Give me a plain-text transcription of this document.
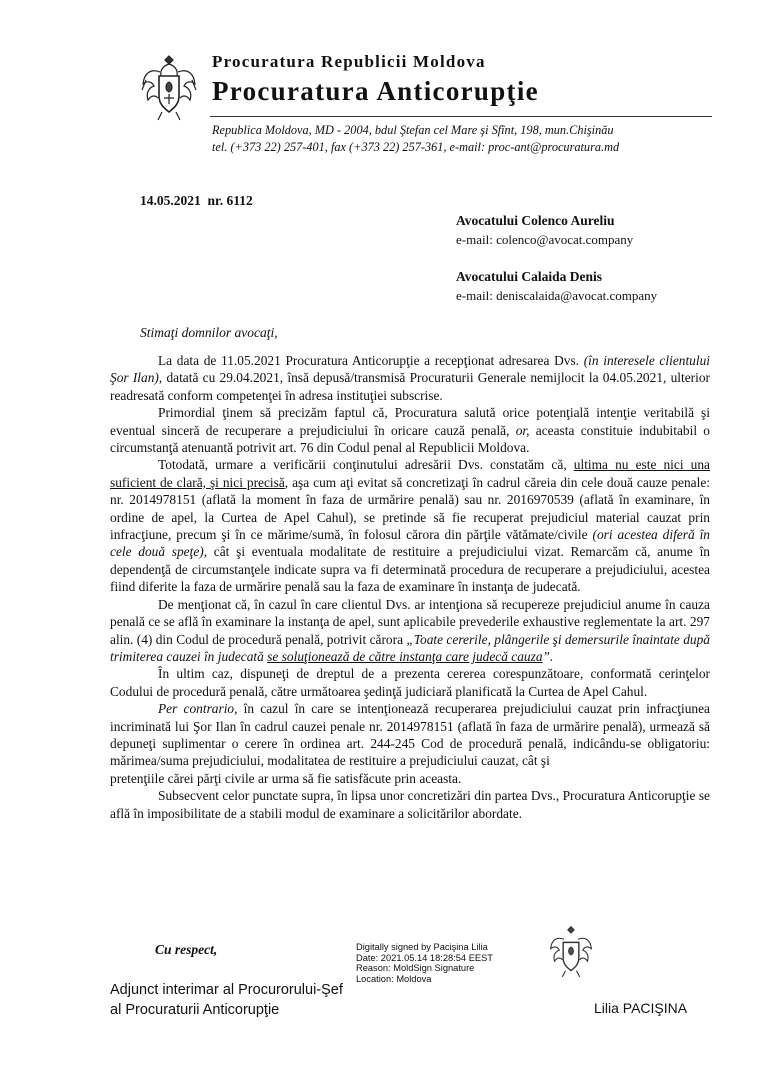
Procuratura Republicii Moldova
Procuratura Anticorupţie
Republica Moldova, MD - 2004, bdul Ştefan cel Mare şi Sfînt, 198, mun.Chişinău
tel. (+373 22) 257-401, fax (+373 22) 257-361, e-mail: proc-ant@procuratura.md
14.05.2021 nr. 6112
Avocatului Colenco Aureliu
e-mail: colenco@avocat.company
Avocatului Calaida Denis
e-mail: deniscalaida@avocat.company
Stimaţi domnilor avocaţi,

La data de 11.05.2021 Procuratura Anticorupţie a recepţionat adresarea Dvs. (în interesele clientului Şor Ilan), datată cu 29.04.2021, însă depusă/transmisă Procuraturii Generale nemijlocit la 04.05.2021, ulterior readresată conform competenţei în adresa instituţiei subscrise.

Primordial ţinem să precizăm faptul că, Procuratura salută orice potenţială intenţie veritabilă şi eventual sinceră de recuperare a prejudiciului în oricare cauză penală, or, aceasta constituie indubitabil o circumstanţă atenuantă potrivit art. 76 din Codul penal al Republicii Moldova.

Totodată, urmare a verificării conţinutului adresării Dvs. constatăm că, ultima nu este nici una suficient de clară, şi nici precisă, aşa cum aţi evitat să concretizaţi în cadrul căreia din cele două cauze penale: nr. 2014978151 (aflată la moment în faza de urmărire penală) sau nr. 2016970539 (aflată în examinare, în ordine de apel, la Curtea de Apel Cahul), se pretinde să fie recuperat prejudiciul material cauzat prin infracţiune, precum şi în ce mărime/sumă, în folosul cărora din părţile vătămate/civile (ori acestea diferă în cele două speţe), cât şi eventuala modalitate de restituire a prejudiciului vizat. Remarcăm că, anume în dependenţă de circumstanţele indicate supra va fi determinată procedura de recuperare a prejudiciului, acestea fiind diferite la faza de urmărire penală sau la faza de examinare în instanţa de judecată.

De menţionat că, în cazul în care clientul Dvs. ar intenţiona să recupereze prejudiciul anume în cauza penală ce se află în examinare la instanţa de apel, sunt aplicabile prevederile exhaustive reglementate la art. 297 alin. (4) din Codul de procedură penală, potrivit cărora „Toate cererile, plângerile şi demersurile înaintate după trimiterea cauzei în judecată se soluţionează de către instanţa care judecă cauza”.

În ultim caz, dispuneţi de dreptul de a prezenta cererea corespunzătoare, conformată cerinţelor Codului de procedură penală, către următoarea şedinţă judiciară planificată la Curtea de Apel Cahul.

Per contrario, în cazul în care se intenţionează recuperarea prejudiciului cauzat prin infracţiunea incriminată lui Şor Ilan în cadrul cauzei penale nr. 2014978151 (aflată în faza de urmărire penală), urmează să depuneţi suplimentar o cerere în ordinea art. 244-245 Cod de procedură penală, indicându-se obligatoriu: mărimea/suma prejudiciului, modalitatea de restituire a prejudiciului cauzat, cât şi

pretenţiile cărei părţi civile ar urma să fie satisfăcute prin aceasta.

Subsecvent celor punctate supra, în lipsa unor concretizări din partea Dvs., Procuratura Anticorupţie se află în imposibilitate de a stabili modul de examinare a solicitărilor abordate.

Cu respect,	Digitally signed by Pacişina Lilia
Date: 2021.05.14 18:28:54 EEST
Reason: MoldSign Signature
Location: Moldova
Adjunct interimar al Procurorului-Şef
al Procuraturii Anticorupţie	Lilia PACIŞINA
